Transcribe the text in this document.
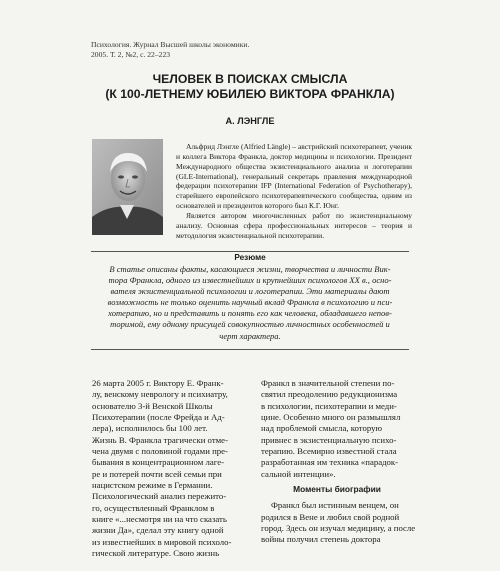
Психология. Журнал Высшей школы экономики.
2005. Т. 2, №2, с. 22–223
ЧЕЛОВЕК В ПОИСКАХ СМЫСЛА
(К 100-ЛЕТНЕМУ ЮБИЛЕЮ ВИКТОРА ФРАНКЛА)
А. ЛЭНГЛЕ

Альфрид Лэнгле (Alfried Längle) – австрийский психотерапевт, ученик и коллега Виктора Франкла, доктор медицины и психологии. Президент Международного общества экзистенциального анализа и логотерапии (GLE-International), генеральный секретарь правления международной федерации психотерапии IFP (International Federation of Psychotherapy), старейшего европейского психотерапевтического сообщества, одним из основателей и президентов которого был К.Г. Юнг.

Является автором многочисленных работ по экзистенциальному анализу. Основная сфера профессиональных интересов – теория и методология экзистенциальной психотерапии.

Резюме
В статье описаны факты, касающиеся жизни, творчества и личности Вик-
тора Франкла, одного из известнейших и крупнейших психологов ХХ в., осно-
вателя экзистенциальной психологии и логотерапии. Эти материалы дают
возможность не только оценить научный вклад Франкла в психологию и пси-
хотерапию, но и представить и понять его как человека, обладавшего непов-
торимой, ему одному присущей совокупностью личностных особенностей и
черт характера.
26 марта 2005 г. Виктору Е. Франк-
лу, венскому неврологу и психиатру,
основателю 3-й Венской Школы
Психотерапии (после Фрейда и Ад-
лера), исполнилось бы 100 лет.
Жизнь В. Франкла трагически отме-
чена двумя с половиной годами пре-
бывания в концентрационном лаге-
ре и потерей почти всей семьи при
нацистском режиме в Германии.
Психологический анализ пережито-
го, осуществленный Франклом в
книге «...несмотря ни на что сказать
жизни Да», сделал эту книгу одной
из известнейших в мировой психоло-
гической литературе. Свою жизнь
Франкл в значительной степени по-
святил преодолению редукционизма
в психологии, психотерапии и меди-
цине. Особенно много он размышлял
над проблемой смысла, которую
привнес в экзистенциальную психо-
терапию. Всемирно известной стала
разработанная им техника «парадок-
сальной интенции».
Моменты биографии
Франкл был истинным венцем, он
родился в Вене и любил свой родной
город. Здесь он изучал медицину, а после
войны получил степень доктора
